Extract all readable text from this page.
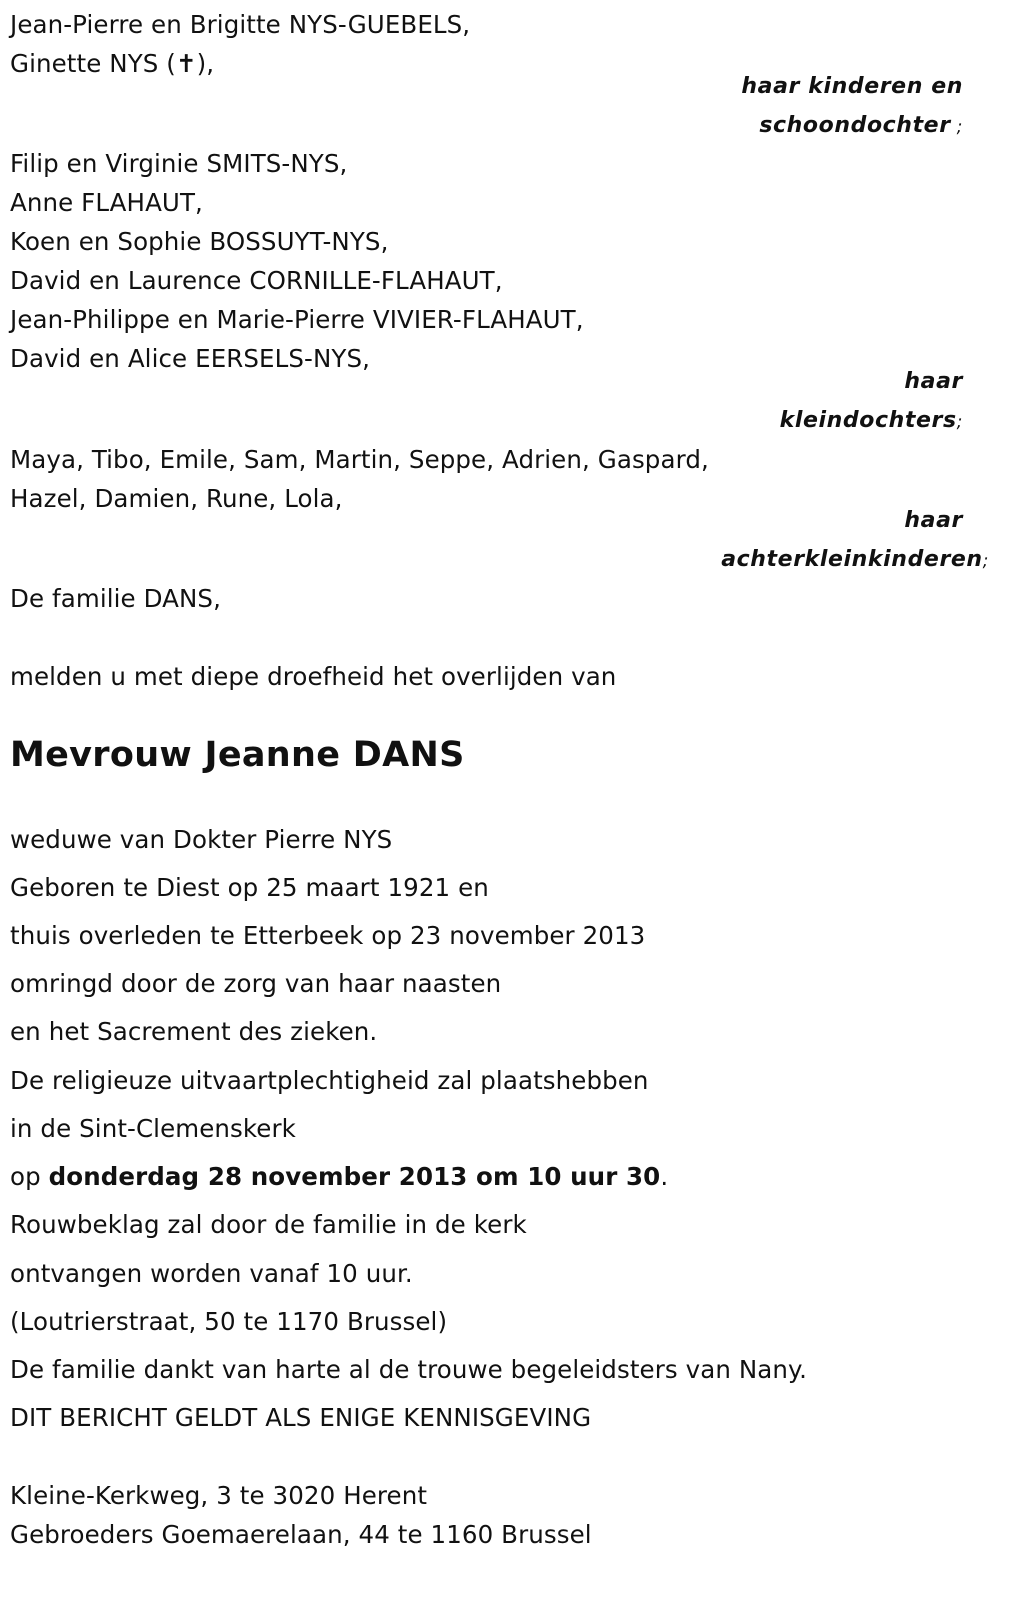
Jean-Pierre en Brigitte NYS-GUEBELS,
Ginette NYS (✝),
haar kinderen en
schoondochter ;
Filip en Virginie SMITS-NYS,
Anne FLAHAUT,
Koen en Sophie BOSSUYT-NYS,
David en Laurence CORNILLE-FLAHAUT,
Jean-Philippe en Marie-Pierre VIVIER-FLAHAUT,
David en Alice EERSELS-NYS,
haar
kleindochters;
Maya, Tibo, Emile, Sam, Martin, Seppe, Adrien, Gaspard,
Hazel, Damien, Rune, Lola,
haar
achterkleinkinderen;
De familie DANS,
melden u met diepe droefheid het overlijden van
Mevrouw Jeanne DANS
weduwe van Dokter Pierre NYS
Geboren te Diest op 25 maart 1921 en
thuis overleden te Etterbeek op 23 november 2013
omringd door de zorg van haar naasten
en het Sacrement des zieken.
De religieuze uitvaartplechtigheid zal plaatshebben
in de Sint-Clemenskerk
op donderdag 28 november 2013 om 10 uur 30.
Rouwbeklag zal door de familie in de kerk
ontvangen worden vanaf 10 uur.
(Loutrierstraat, 50 te 1170 Brussel)
De familie dankt van harte al de trouwe begeleidsters van Nany.
DIT BERICHT GELDT ALS ENIGE KENNISGEVING
Kleine-Kerkweg, 3 te 3020 Herent
Gebroeders Goemaerelaan, 44 te 1160 Brussel
